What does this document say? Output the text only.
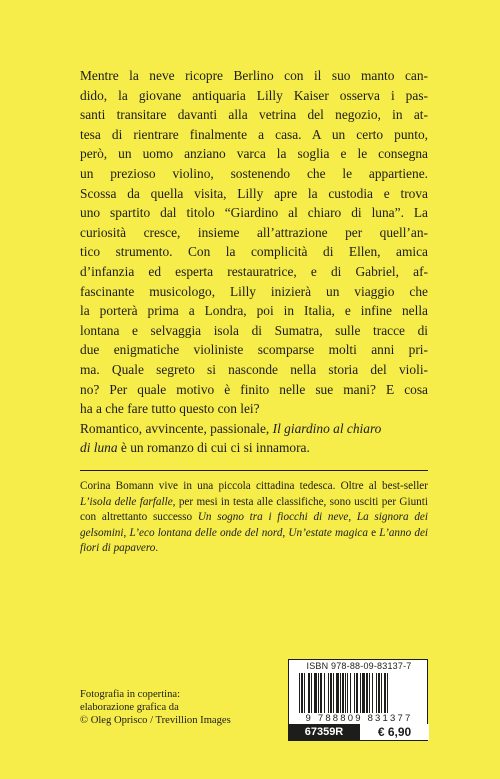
Mentre la neve ricopre Berlino con il suo manto can-
dido, la giovane antiquaria Lilly Kaiser osserva i pas-
santi transitare davanti alla vetrina del negozio, in at-
tesa di rientrare finalmente a casa. A un certo punto,
però, un uomo anziano varca la soglia e le consegna
un prezioso violino, sostenendo che le appartiene.
Scossa da quella visita, Lilly apre la custodia e trova
uno spartito dal titolo “Giardino al chiaro di luna”. La
curiosità cresce, insieme all’attrazione per quell’an-
tico strumento. Con la complicità di Ellen, amica
d’infanzia ed esperta restauratrice, e di Gabriel, af-
fascinante musicologo, Lilly inizierà un viaggio che
la porterà prima a Londra, poi in Italia, e infine nella
lontana e selvaggia isola di Sumatra, sulle tracce di
due enigmatiche violiniste scomparse molti anni pri-
ma. Quale segreto si nasconde nella storia del violi-
no? Per quale motivo è finito nelle sue mani? E cosa
ha a che fare tutto questo con lei?

Romantico, avvincente, passionale, Il giardino al chiaro
di luna è un romanzo di cui ci si innamora.

Corina Bomann vive in una piccola cittadina tedesca. Oltre al best-seller L’isola delle farfalle, per mesi in testa alle classifiche, sono usciti per Giunti con altrettanto successo Un sogno tra i fiocchi di neve, La signora dei gelsomini, L’eco lontana delle onde del nord, Un’estate magica e L’anno dei fiori di papavero.
Fotografia in copertina:
elaborazione grafica da
© Oleg Oprisco / Trevillion Images
ISBN 978-88-09-83137-7
9 788809 831377
67359R	€ 6,90
